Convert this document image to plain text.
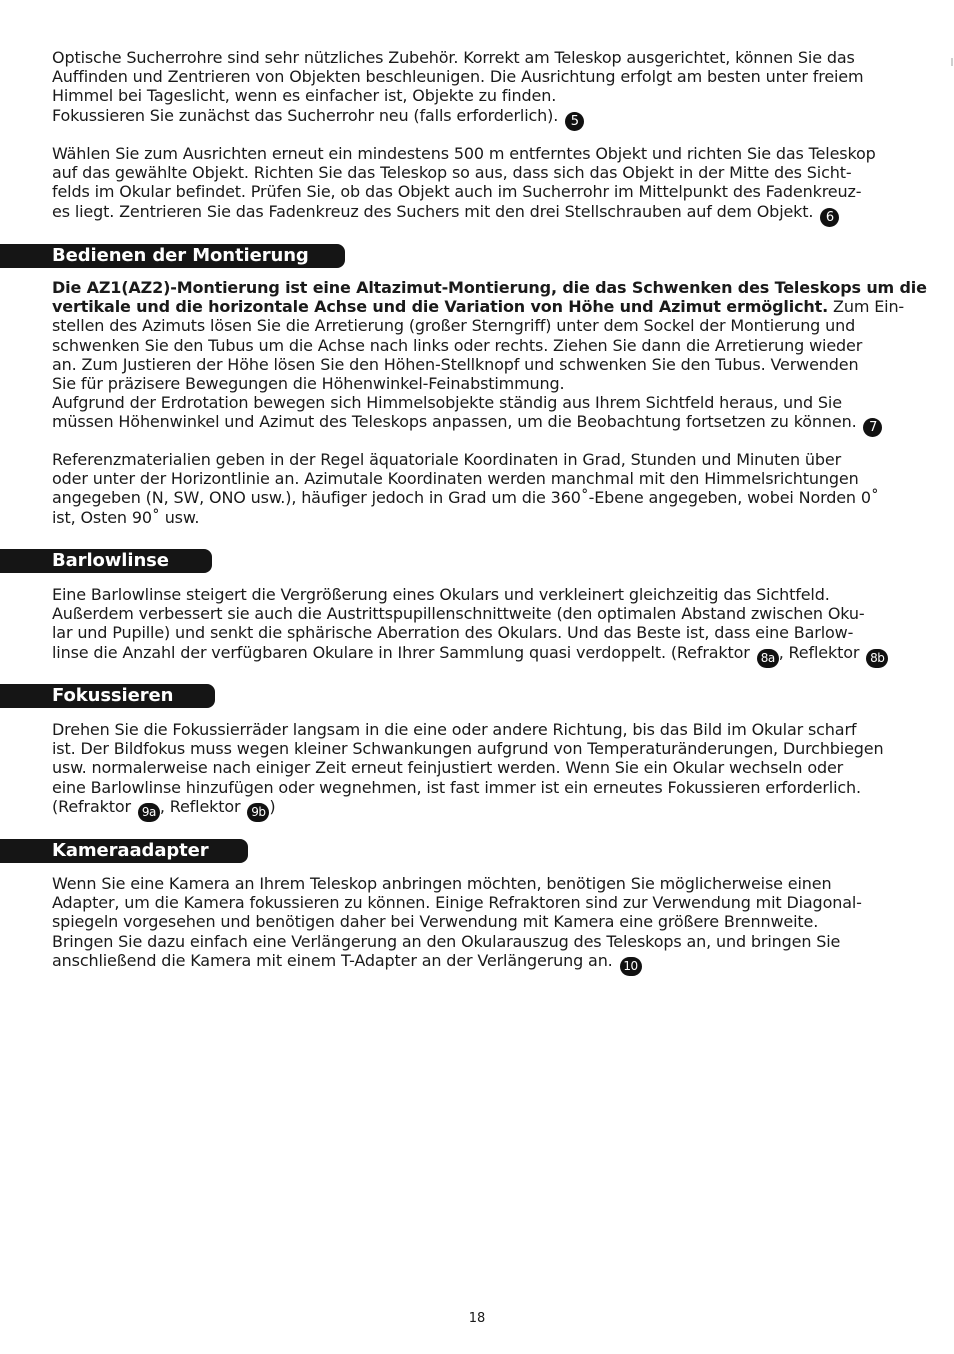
Optische Sucherrohre sind sehr nützliches Zubehör. Korrekt am Teleskop ausgerichtet, können Sie das
Auffinden und Zentrieren von Objekten beschleunigen. Die Ausrichtung erfolgt am besten unter freiem
Himmel bei Tageslicht, wenn es einfacher ist, Objekte zu finden.
Fokussieren Sie zunächst das Sucherrohr neu (falls erforderlich). 5
Wählen Sie zum Ausrichten erneut ein mindestens 500 m entferntes Objekt und richten Sie das Teleskop
auf das gewählte Objekt. Richten Sie das Teleskop so aus, dass sich das Objekt in der Mitte des Sicht-
felds im Okular befindet. Prüfen Sie, ob das Objekt auch im Sucherrohr im Mittelpunkt des Fadenkreuz-
es liegt. Zentrieren Sie das Fadenkreuz des Suchers mit den drei Stellschrauben auf dem Objekt. 6
Bedienen der Montierung
Die AZ1(AZ2)-Montierung ist eine Altazimut-Montierung, die das Schwenken des Teleskops um die
vertikale und die horizontale Achse und die Variation von Höhe und Azimut ermöglicht. Zum Ein-
stellen des Azimuts lösen Sie die Arretierung (großer Sterngriff) unter dem Sockel der Montierung und
schwenken Sie den Tubus um die Achse nach links oder rechts. Ziehen Sie dann die Arretierung wieder
an. Zum Justieren der Höhe lösen Sie den Höhen-Stellknopf und schwenken Sie den Tubus. Verwenden
Sie für präzisere Bewegungen die Höhenwinkel-Feinabstimmung.
Aufgrund der Erdrotation bewegen sich Himmelsobjekte ständig aus Ihrem Sichtfeld heraus, und Sie
müssen Höhenwinkel und Azimut des Teleskops anpassen, um die Beobachtung fortsetzen zu können. 7
Referenzmaterialien geben in der Regel äquatoriale Koordinaten in Grad, Stunden und Minuten über
oder unter der Horizontlinie an. Azimutale Koordinaten werden manchmal mit den Himmelsrichtungen
angegeben (N, SW, ONO usw.), häufiger jedoch in Grad um die 360˚-Ebene angegeben, wobei Norden 0˚
ist, Osten 90˚ usw.
Barlowlinse
Eine Barlowlinse steigert die Vergrößerung eines Okulars und verkleinert gleichzeitig das Sichtfeld.
Außerdem verbessert sie auch die Austrittspupillenschnittweite (den optimalen Abstand zwischen Oku-
lar und Pupille) und senkt die sphärische Aberration des Okulars. Und das Beste ist, dass eine Barlow-
linse die Anzahl der verfügbaren Okulare in Ihrer Sammlung quasi verdoppelt. (Refraktor 8a , Reflektor 8b
Fokussieren
Drehen Sie die Fokussierräder langsam in die eine oder andere Richtung, bis das Bild im Okular scharf
ist. Der Bildfokus muss wegen kleiner Schwankungen aufgrund von Temperaturänderungen, Durchbiegen
usw. normalerweise nach einiger Zeit erneut feinjustiert werden. Wenn Sie ein Okular wechseln oder
eine Barlowlinse hinzufügen oder wegnehmen, ist fast immer ist ein erneutes Fokussieren erforderlich.
(Refraktor 9a , Reflektor 9b )
Kameraadapter
Wenn Sie eine Kamera an Ihrem Teleskop anbringen möchten, benötigen Sie möglicherweise einen
Adapter, um die Kamera fokussieren zu können. Einige Refraktoren sind zur Verwendung mit Diagonal-
spiegeln vorgesehen und benötigen daher bei Verwendung mit Kamera eine größere Brennweite.
Bringen Sie dazu einfach eine Verlängerung an den Okularauszug des Teleskops an, und bringen Sie
anschließend die Kamera mit einem T-Adapter an der Verlängerung an. 10
18
